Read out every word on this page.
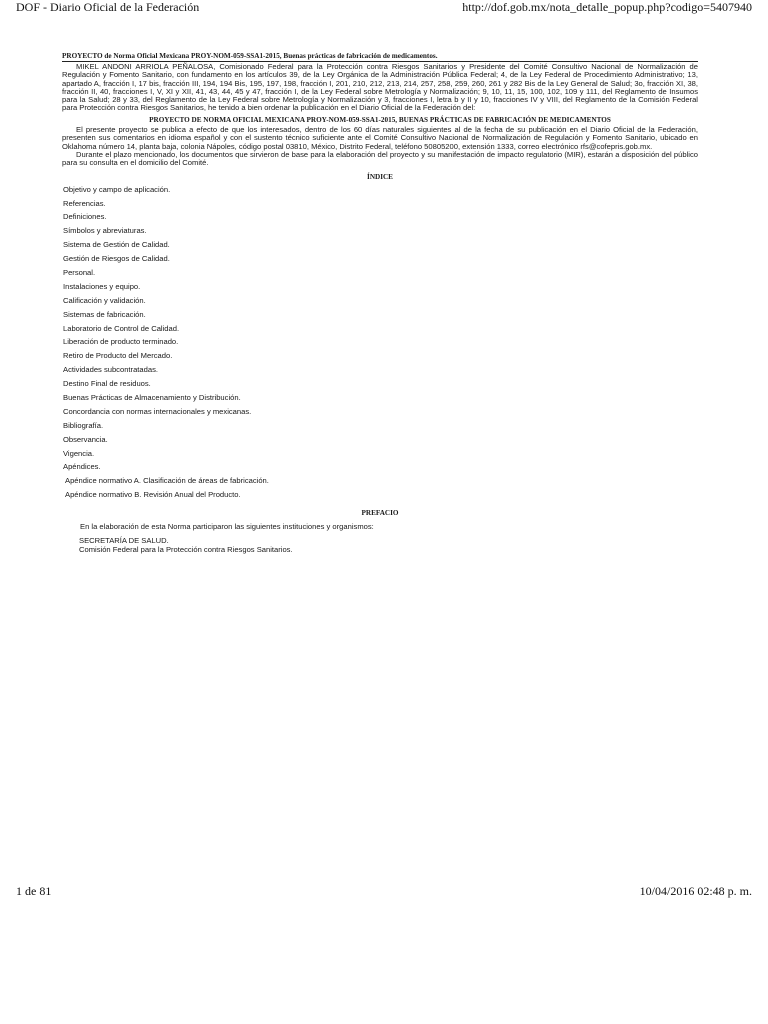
DOF - Diario Oficial de la Federación	http://dof.gob.mx/nota_detalle_popup.php?codigo=5407940
PROYECTO de Norma Oficial Mexicana PROY-NOM-059-SSA1-2015, Buenas prácticas de fabricación de medicamentos.

MIKEL ANDONI ARRIOLA PEÑALOSA, Comisionado Federal para la Protección contra Riesgos Sanitarios y Presidente del Comité Consultivo Nacional de Normalización de Regulación y Fomento Sanitario, con fundamento en los artículos 39, de la Ley Orgánica de la Administración Pública Federal; 4, de la Ley Federal de Procedimiento Administrativo; 13, apartado A, fracción I, 17 bis, fracción III, 194, 194 Bis, 195, 197, 198, fracción I, 201, 210, 212, 213, 214, 257, 258, 259, 260, 261 y 282 Bis de la Ley General de Salud; 3o, fracción XI, 38, fracción II, 40, fracciones I, V, XI y XII, 41, 43, 44, 45 y 47, fracción I, de la Ley Federal sobre Metrología y Normalización; 9, 10, 11, 15, 100, 102, 109 y 111, del Reglamento de Insumos para la Salud; 28 y 33, del Reglamento de la Ley Federal sobre Metrología y Normalización y 3, fracciones I, letra b y II y 10, fracciones IV y VIII, del Reglamento de la Comisión Federal para Protección contra Riesgos Sanitarios, he tenido a bien ordenar la publicación en el Diario Oficial de la Federación del:

PROYECTO DE NORMA OFICIAL MEXICANA PROY-NOM-059-SSA1-2015, BUENAS PRÁCTICAS DE FABRICACIÓN DE MEDICAMENTOS

El presente proyecto se publica a efecto de que los interesados, dentro de los 60 días naturales siguientes al de la fecha de su publicación en el Diario Oficial de la Federación, presenten sus comentarios en idioma español y con el sustento técnico suficiente ante el Comité Consultivo Nacional de Normalización de Regulación y Fomento Sanitario, ubicado en Oklahoma número 14, planta baja, colonia Nápoles, código postal 03810, México, Distrito Federal, teléfono 50805200, extensión 1333, correo electrónico rfs@cofepris.gob.mx.

Durante el plazo mencionado, los documentos que sirvieron de base para la elaboración del proyecto y su manifestación de impacto regulatorio (MIR), estarán a disposición del público para su consulta en el domicilio del Comité.

ÍNDICE
Objetivo y campo de aplicación.
Referencias.
Definiciones.
Símbolos y abreviaturas.
Sistema de Gestión de Calidad.
Gestión de Riesgos de Calidad.
Personal.
Instalaciones y equipo.
Calificación y validación.
Sistemas de fabricación.
Laboratorio de Control de Calidad.
Liberación de producto terminado.
Retiro de Producto del Mercado.
Actividades subcontratadas.
Destino Final de residuos.
Buenas Prácticas de Almacenamiento y Distribución.
Concordancia con normas internacionales y mexicanas.
Bibliografía.
Observancia.
Vigencia.
Apéndices.
Apéndice normativo A. Clasificación de áreas de fabricación.
Apéndice normativo B. Revisión Anual del Producto.
PREFACIO

En la elaboración de esta Norma participaron las siguientes instituciones y organismos:

SECRETARÍA DE SALUD.
Comisión Federal para la Protección contra Riesgos Sanitarios.
1 de 81	10/04/2016 02:48 p. m.
